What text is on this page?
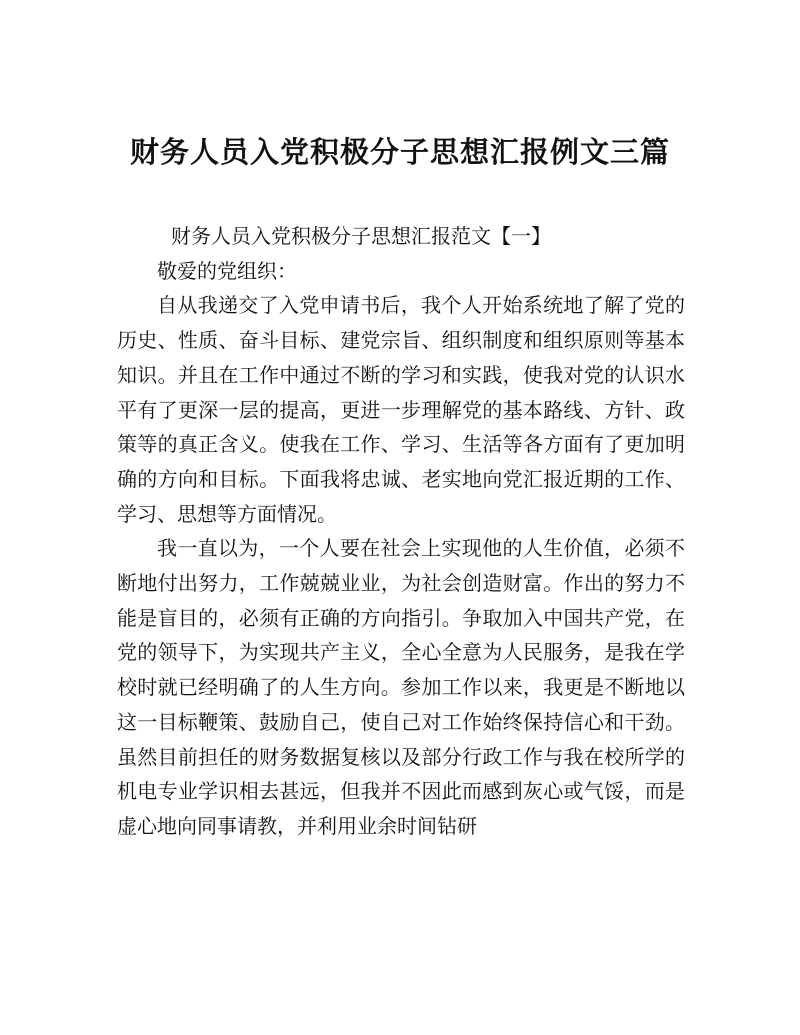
财务人员入党积极分子思想汇报例文三篇

财务人员入党积极分子思想汇报范文【一】

敬爱的党组织：

自从我递交了入党申请书后，我个人开始系统地了解了党的历史、性质、奋斗目标、建党宗旨、组织制度和组织原则等基本知识。并且在工作中通过不断的学习和实践，使我对党的认识水平有了更深一层的提高，更进一步理解党的基本路线、方针、政策等的真正含义。使我在工作、学习、生活等各方面有了更加明确的方向和目标。下面我将忠诚、老实地向党汇报近期的工作、学习、思想等方面情况。

我一直以为，一个人要在社会上实现他的人生价值，必须不断地付出努力，工作兢兢业业，为社会创造财富。作出的努力不能是盲目的，必须有正确的方向指引。争取加入中国共产党，在党的领导下，为实现共产主义，全心全意为人民服务，是我在学校时就已经明确了的人生方向。参加工作以来，我更是不断地以这一目标鞭策、鼓励自己，使自己对工作始终保持信心和干劲。虽然目前担任的财务数据复核以及部分行政工作与我在校所学的机电专业学识相去甚远，但我并不因此而感到灰心或气馁，而是虚心地向同事请教，并利用业余时间钻研
